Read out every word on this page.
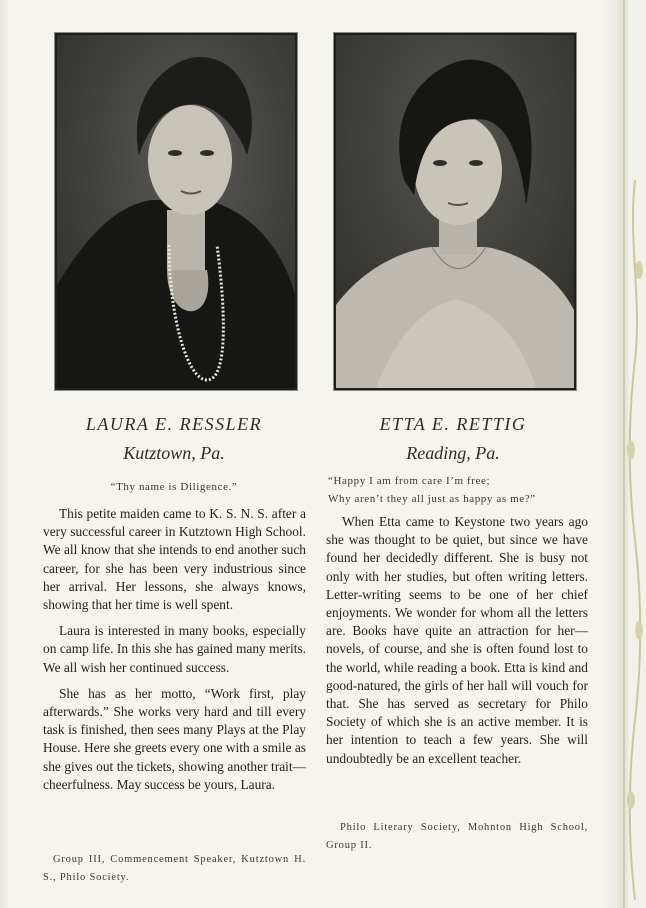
LAURA E. RESSLER
Kutztown, Pa.
“Thy name is Diligence.”

This petite maiden came to K. S. N. S. after a very successful career in Kutztown High School. We all know that she intends to end another such career, for she has been very industrious since her arrival. Her lessons, she always knows, showing that her time is well spent.

Laura is interested in many books, especially on camp life. In this she has gained many merits. We all wish her continued success.

She has as her motto, “Work first, play afterwards.” She works very hard and till every task is finished, then sees many Plays at the Play House. Here she greets every one with a smile as she gives out the tickets, showing another trait—cheerfulness. May success be yours, Laura.

Group III, Commencement Speaker, Kutztown H. S., Philo Society.
ETTA E. RETTIG
Reading, Pa.
“Happy I am from care I’m free;
Why aren’t they all just as happy as me?”

When Etta came to Keystone two years ago she was thought to be quiet, but since we have found her decidedly different. She is busy not only with her studies, but often writing letters. Letter-writing seems to be one of her chief enjoyments. We wonder for whom all the letters are. Books have quite an attraction for her—novels, of course, and she is often found lost to the world, while reading a book. Etta is kind and good-natured, the girls of her hall will vouch for that. She has served as secretary for Philo Society of which she is an active member. It is her intention to teach a few years. She will undoubtedly be an excellent teacher.

Philo Literary Society, Mohnton High School, Group II.
